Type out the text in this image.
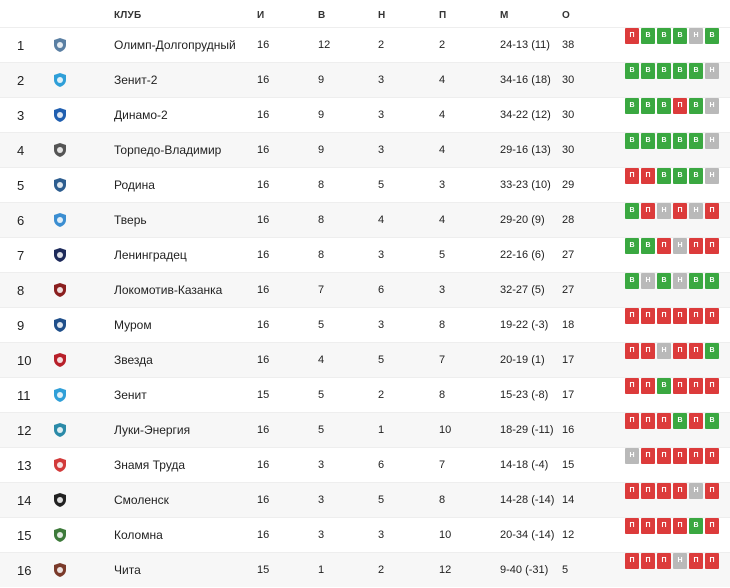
КЛУБ	И	В	Н	П	М	О
1	Олимп-Долгопрудный 16	12	2	2	24-13 (11) 38
П	В	В	В	Н	В
2	Зенит-2	16	9	3	4	34-16 (18) 30
В	В	В	В	В	Н
3	Динамо-2	16	9	3	4	34-22 (12) 30
В	В	В	П	В	Н
4	Торпедо-Владимир	16	9	3	4	29-16 (13) 30
В	В	В	В	В	Н
5	Родина	16	8	5	3	33-23 (10) 29
П	П	В	В	В	Н
6	Тверь	16	8	4	4	29-20 (9) 28
В	П	Н	П	Н	П
7	Ленинградец	16	8	3	5	22-16 (6) 27
В	В	П	Н	П	П
8	Локомотив-Казанка	16	7	6	3	32-27 (5) 27
В	Н	В	Н	В	В
9	Муром	16	5	3	8	19-22 (-3) 18
П	П	П	П	П	П
10	Звезда	16	4	5	7	20-19 (1) 17
П	П	Н	П	П	В
11	Зенит	15	5	2	8	15-23 (-8) 17
П	П	В	П	П	П
12	Луки-Энергия	16	5	1	10	18-29 (-11) 16
П	П	П	В	П	В
13	Знамя Труда	16	3	6	7	14-18 (-4) 15
Н	П	П	П	П	П
14	Смоленск	16	3	5	8	14-28 (-14) 14
П	П	П	П	Н	П
15	Коломна	16	3	3	10	20-34 (-14) 12
П	П	П	П	В	П
16	Чита	15	1	2	12	9-40 (-31) 5
П	П	П	Н	П	П
